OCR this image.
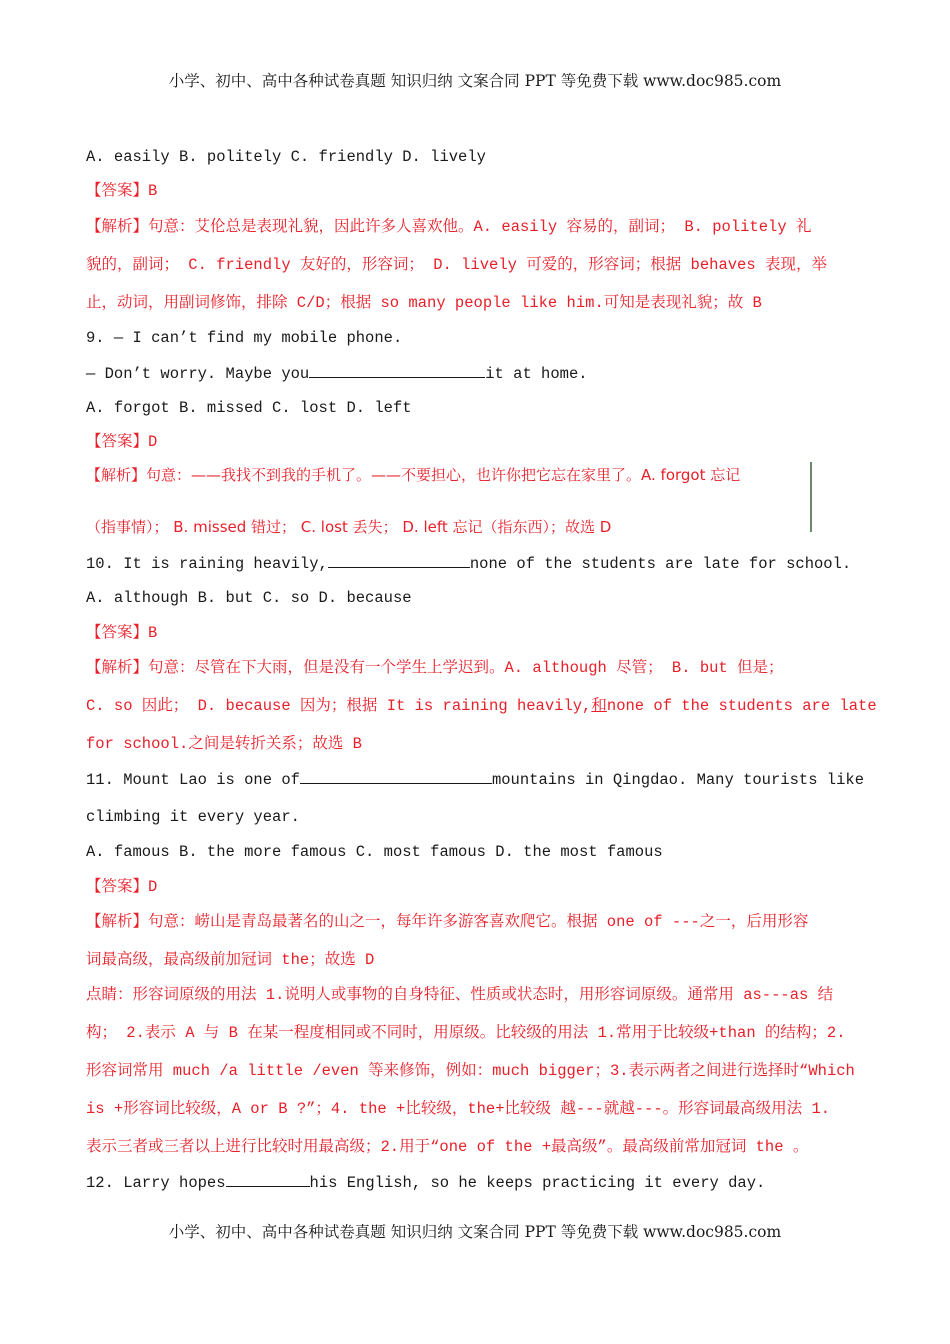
小学、初中、高中各种试卷真题 知识归纳 文案合同 PPT 等免费下载 www.doc985.com
A. easily B. politely C. friendly D. lively
【答案】B
【解析】句意：艾伦总是表现礼貌，因此许多人喜欢他。A. easily 容易的，副词； B. politely 礼
貌的，副词； C. friendly 友好的，形容词； D. lively 可爱的，形容词；根据 behaves 表现，举
止，动词，用副词修饰，排除 C/D；根据 so many people like him.可知是表现礼貌；故 B
9. — I can’t find my mobile phone.
— Don’t worry. Maybe you	it at home.
A. forgot B. missed C. lost D. left
【答案】D
【解析】句意：——我找不到我的手机了。——不要担心，也许你把它忘在家里了。A. forgot 忘记
（指事情）； B. missed 错过； C. lost 丢失； D. left 忘记（指东西）；故选 D
10. It is raining heavily,	none of the students are late for school.
A. although B. but C. so D. because
【答案】B
【解析】句意：尽管在下大雨，但是没有一个学生上学迟到。A. although 尽管； B. but 但是；
C. so 因此； D. because 因为；根据 It is raining heavily,和none of the students are late
for school.之间是转折关系；故选 B
11. Mount Lao is one of	mountains in Qingdao. Many tourists like
climbing it every year.
A. famous B. the more famous C. most famous D. the most famous
【答案】D
【解析】句意：崂山是青岛最著名的山之一，每年许多游客喜欢爬它。根据 one of ---之一，后用形容
词最高级，最高级前加冠词 the；故选 D
点睛：形容词原级的用法 1.说明人或事物的自身特征、性质或状态时，用形容词原级。通常用 as---as 结
构； 2.表示 A 与 B 在某一程度相同或不同时，用原级。比较级的用法 1.常用于比较级+than 的结构；2.
形容词常用 much /a little /even 等来修饰，例如：much bigger；3.表示两者之间进行选择时“Which
is +形容词比较级，A or B ?”；4. the +比较级，the+比较级 越---就越---。形容词最高级用法 1.
表示三者或三者以上进行比较时用最高级；2.用于“one of the +最高级”。最高级前常加冠词 the 。
12. Larry hopes	his English, so he keeps practicing it every day.
小学、初中、高中各种试卷真题 知识归纳 文案合同 PPT 等免费下载 www.doc985.com
